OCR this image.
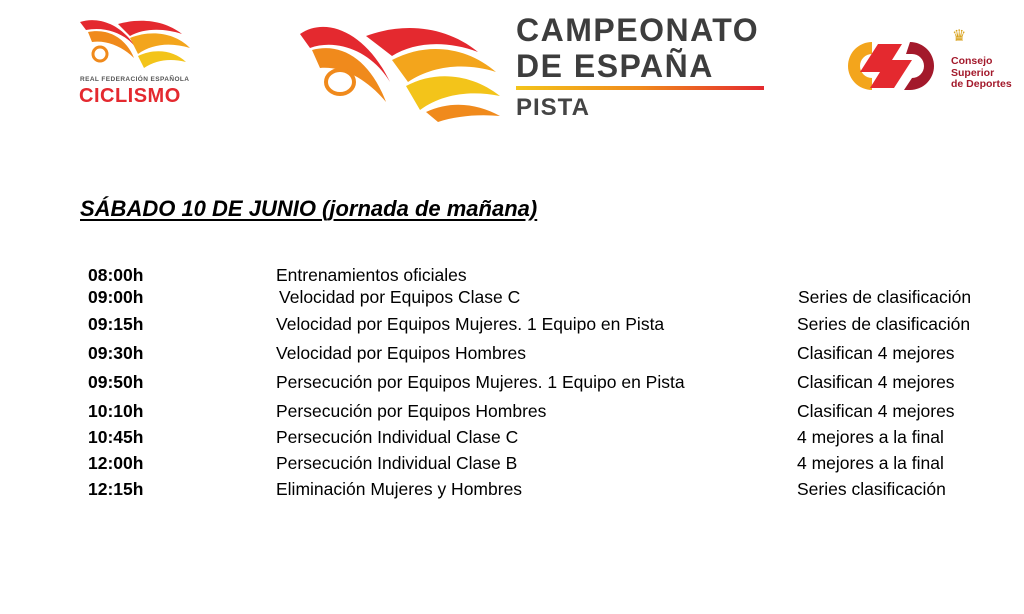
REAL FEDERACIÓN ESPAÑOLA
CICLISMO
CAMPEONATO
DE ESPAÑA
PISTA
♛
Consejo
Superior
de Deportes
SÁBADO 10 DE JUNIO (jornada de mañana)
08:00h	Entrenamientos oficiales
09:00h	Velocidad por Equipos Clase C	Series de clasificación
09:15h	Velocidad por Equipos Mujeres. 1 Equipo en Pista	Series de clasificación
09:30h	Velocidad por Equipos Hombres	Clasifican 4 mejores
09:50h	Persecución por Equipos Mujeres. 1 Equipo en Pista	Clasifican 4 mejores
10:10h	Persecución por Equipos Hombres	Clasifican 4 mejores
10:45h	Persecución Individual Clase C	4 mejores a la final
12:00h	Persecución Individual Clase B	4 mejores a la final
12:15h	Eliminación Mujeres y Hombres	Series clasificación
